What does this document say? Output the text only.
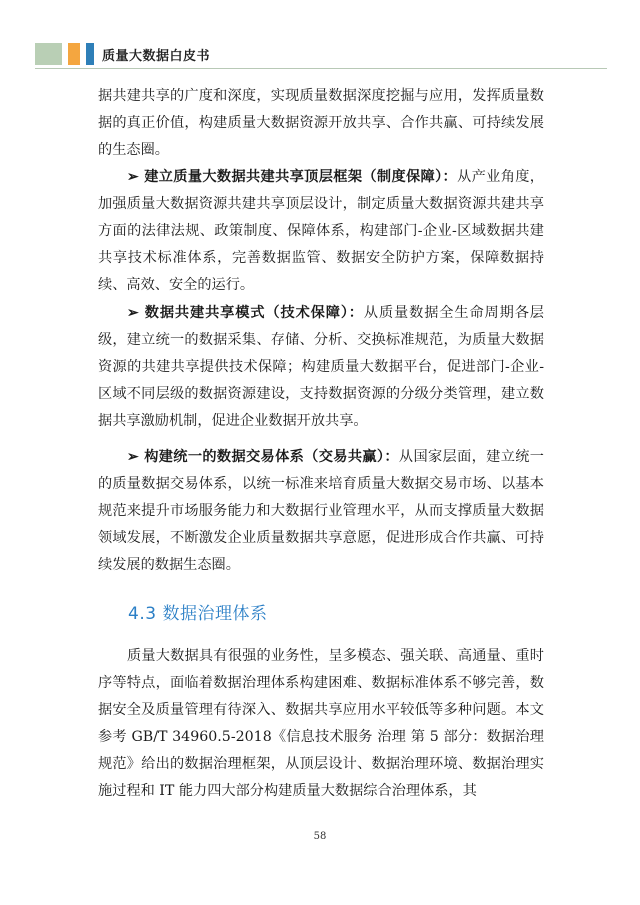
质量大数据白皮书

据共建共享的广度和深度，实现质量数据深度挖掘与应用，发挥质量数据的真正价值，构建质量大数据资源开放共享、合作共赢、可持续发展的生态圈。

➢ 建立质量大数据共建共享顶层框架（制度保障）：从产业角度，加强质量大数据资源共建共享顶层设计，制定质量大数据资源共建共享方面的法律法规、政策制度、保障体系，构建部门-企业-区域数据共建共享技术标准体系，完善数据监管、数据安全防护方案，保障数据持续、高效、安全的运行。

➢ 数据共建共享模式（技术保障）：从质量数据全生命周期各层级，建立统一的数据采集、存储、分析、交换标准规范，为质量大数据资源的共建共享提供技术保障；构建质量大数据平台，促进部门-企业-区域不同层级的数据资源建设，支持数据资源的分级分类管理，建立数据共享激励机制，促进企业数据开放共享。

➢ 构建统一的数据交易体系（交易共赢）：从国家层面，建立统一的质量数据交易体系，以统一标准来培育质量大数据交易市场、以基本规范来提升市场服务能力和大数据行业管理水平，从而支撑质量大数据领域发展，不断激发企业质量数据共享意愿，促进形成合作共赢、可持续发展的数据生态圈。

4.3 数据治理体系

质量大数据具有很强的业务性，呈多模态、强关联、高通量、重时序等特点，面临着数据治理体系构建困难、数据标准体系不够完善，数据安全及质量管理有待深入、数据共享应用水平较低等多种问题。本文参考 GB/T 34960.5-2018《信息技术服务 治理 第 5 部分：数据治理规范》给出的数据治理框架，从顶层设计、数据治理环境、数据治理实施过程和 IT 能力四大部分构建质量大数据综合治理体系，其

58
